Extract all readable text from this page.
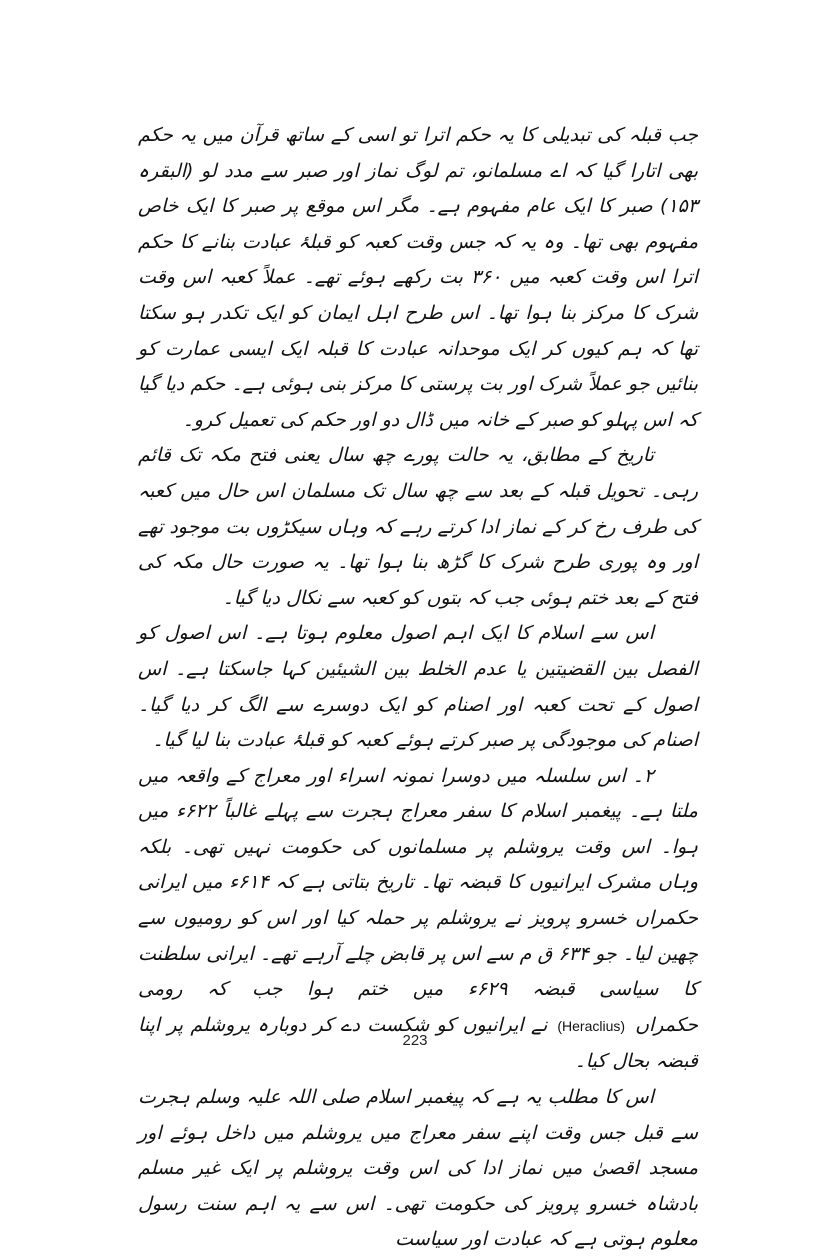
جب قبلہ کی تبدیلی کا یہ حکم اترا تو اسی کے ساتھ قرآن میں یہ حکم بھی اتارا گیا کہ اے مسلمانو، تم لوگ نماز اور صبر سے مدد لو (البقرہ ۱۵۳) صبر کا ایک عام مفہوم ہے۔ مگر اس موقع پر صبر کا ایک خاص مفہوم بھی تھا۔ وہ یہ کہ جس وقت کعبہ کو قبلۂ عبادت بنانے کا حکم اترا اس وقت کعبہ میں ۳۶۰ بت رکھے ہوئے تھے۔ عملاً کعبہ اس وقت شرک کا مرکز بنا ہوا تھا۔ اس طرح اہل ایمان کو ایک تکدر ہو سکتا تھا کہ ہم کیوں کر ایک موحدانہ عبادت کا قبلہ ایک ایسی عمارت کو بنائیں جو عملاً شرک اور بت پرستی کا مرکز بنی ہوئی ہے۔ حکم دیا گیا کہ اس پہلو کو صبر کے خانہ میں ڈال دو اور حکم کی تعمیل کرو۔

تاریخ کے مطابق، یہ حالت پورے چھ سال یعنی فتح مکہ تک قائم رہی۔ تحویل قبلہ کے بعد سے چھ سال تک مسلمان اس حال میں کعبہ کی طرف رخ کر کے نماز ادا کرتے رہے کہ وہاں سیکڑوں بت موجود تھے اور وہ پوری طرح شرک کا گڑھ بنا ہوا تھا۔ یہ صورت حال مکہ کی فتح کے بعد ختم ہوئی جب کہ بتوں کو کعبہ سے نکال دیا گیا۔

اس سے اسلام کا ایک اہم اصول معلوم ہوتا ہے۔ اس اصول کو الفصل بین القضیتین یا عدم الخلط بین الشیئین کہا جاسکتا ہے۔ اس اصول کے تحت کعبہ اور اصنام کو ایک دوسرے سے الگ کر دیا گیا۔ اصنام کی موجودگی پر صبر کرتے ہوئے کعبہ کو قبلۂ عبادت بنا لیا گیا۔

۲۔ اس سلسلہ میں دوسرا نمونہ اسراء اور معراج کے واقعہ میں ملتا ہے۔ پیغمبر اسلام کا سفر معراج ہجرت سے پہلے غالباً ۶۲۲ء میں ہوا۔ اس وقت یروشلم پر مسلمانوں کی حکومت نہیں تھی۔ بلکہ وہاں مشرک ایرانیوں کا قبضہ تھا۔ تاریخ بتاتی ہے کہ ۶۱۴ء میں ایرانی حکمراں خسرو پرویز نے یروشلم پر حملہ کیا اور اس کو رومیوں سے چھین لیا۔ جو ۶۳۴ ق م سے اس پر قابض چلے آرہے تھے۔ ایرانی سلطنت کا سیاسی قبضہ ۶۲۹ء میں ختم ہوا جب کہ رومی حکمراں(Heraclius)نے ایرانیوں کو شکست دے کر دوبارہ یروشلم پر اپنا قبضہ بحال کیا۔

اس کا مطلب یہ ہے کہ پیغمبر اسلام صلی اللہ علیہ وسلم ہجرت سے قبل جس وقت اپنے سفر معراج میں یروشلم میں داخل ہوئے اور مسجد اقصیٰ میں نماز ادا کی اس وقت یروشلم پر ایک غیر مسلم بادشاہ خسرو پرویز کی حکومت تھی۔ اس سے یہ اہم سنت رسول معلوم ہوتی ہے کہ عبادت اور سیاست

223
